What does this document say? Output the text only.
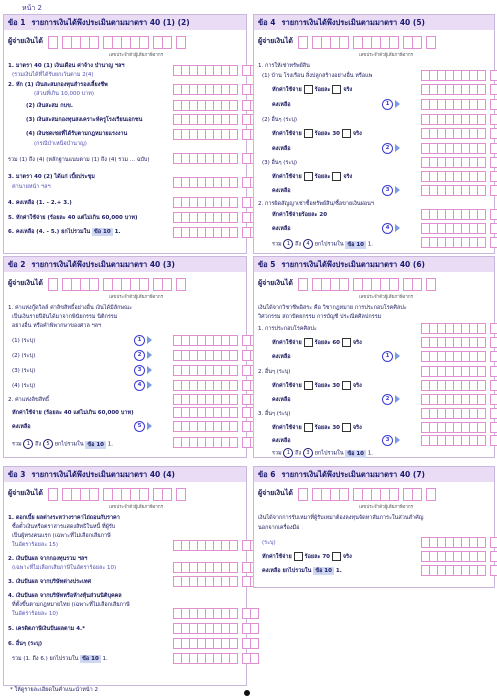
หน้า 2
ข้อ 1 รายการเงินได้พึงประเมินตามมาตรา 40 (1) (2)
ผู้จ่ายเงินได้
เลขประจำตัวผู้เสียภาษีอากร
1. มาตรา 40 (1) เงินเดือน ค่าจ้าง บำนาญ ฯลฯ
(รวมเงินได้ที่ได้รับยกเว้นตาม 2(4)
2. หัก (1) เงินสะสมกองทุนสำรองเลี้ยงชีพ
(ส่วนที่เกิน 10,000 บาท)
(2) เงินสะสม กบข.
(3) เงินสะสมกองทุนสงเคราะห์ครูโรงเรียนเอกชน
(4) เงินชดเชยที่ได้รับตามกฎหมายแรงงาน
(กรณีบำเหน็จบำนาญ)
รวม (1) ถึง (4) (หลักฐานแนบตาม (1) ถึง (4) รวม ... ฉบับ)
3. มาตรา 40 (2) ได้แก่ เบี้ยประชุม
ค่านายหน้า ฯลฯ
4. คงเหลือ (1. - 2.+ 3.)
5. หักค่าใช้จ่าย (ร้อยละ 40 แต่ไม่เกิน 60,000 บาท)
6. คงเหลือ (4. - 5.) ยกไปรวมใน ข้อ 10 1.
ข้อ 2 รายการเงินได้พึงประเมินตามมาตรา 40 (3)
ผู้จ่ายเงินได้
เลขประจำตัวผู้เสียภาษีอากร
1. ค่าแห่งกู๊ดวิลล์ ค่าลิขสิทธิ์อย่างอื่น เงินได้มีลักษณะ
เป็นเงินรายปีอันได้มาจากพินัยกรรม นิติกรรม
อย่างอื่น หรือคำพิพากษาของศาล ฯลฯ
(1) (ระบุ)	1
(2) (ระบุ)	2
(3) (ระบุ)	3
(4) (ระบุ)	4
2. ค่าแห่งลิขสิทธิ์
หักค่าใช้จ่าย (ร้อยละ 40 แต่ไม่เกิน 60,000 บาท)
คงเหลือ	5
รวม 1 ถึง 5 ยกไปรวมใน ข้อ 10 1.
ข้อ 3 รายการเงินได้พึงประเมินตามมาตรา 40 (4)
ผู้จ่ายเงินได้
เลขประจำตัวผู้เสียภาษีอากร
1. ดอกเบี้ย ผลต่างระหว่างราคาไถ่ถอนกับราคา
ซื้อตั๋วเงินหรือตราสารแสดงสิทธิในหนี้ ที่ผู้รับ
เป็นผู้ทรงคนแรก (เฉพาะที่ไม่เลือกเสียภาษี
ในอัตราร้อยละ 15)
2. เงินปันผล จากกองทุนรวม ฯลฯ
(เฉพาะที่ไม่เลือกเสียภาษีในอัตราร้อยละ 10)
3. เงินปันผล จากบริษัทต่างประเทศ
4. เงินปันผล จากบริษัทหรือห้างหุ้นส่วนนิติบุคคล
ที่ตั้งขึ้นตามกฎหมายไทย (เฉพาะที่ไม่เลือกเสียภาษี
ในอัตราร้อยละ 10)
5. เครดิตภาษีเงินปันผลตาม 4.*
6. อื่นๆ (ระบุ)
รวม (1. ถึง 6.) ยกไปรวมใน ข้อ 10 1.
ข้อ 4 รายการเงินได้พึงประเมินตามมาตรา 40 (5)
ผู้จ่ายเงินได้
เลขประจำตัวผู้เสียภาษีอากร
1. การให้เช่าทรัพย์สิน
(1) บ้าน โรงเรือน สิ่งปลูกสร้างอย่างอื่น หรือแพ
หักค่าใช้จ่าย ร้อยละ จริง
คงเหลือ	1
(2) อื่นๆ (ระบุ)
หักค่าใช้จ่าย ร้อยละ 30 จริง
คงเหลือ	2
(3) อื่นๆ (ระบุ)
หักค่าใช้จ่าย ร้อยละ จริง
คงเหลือ	3
2. การผิดสัญญาเช่าซื้อทรัพย์สิน/ซื้อขายเงินผ่อนฯ
หักค่าใช้จ่ายร้อยละ 20
คงเหลือ	4
รวม 1 ถึง 4 ยกไปรวมใน ข้อ 10 1.
ข้อ 5 รายการเงินได้พึงประเมินตามมาตรา 40 (6)
ผู้จ่ายเงินได้
เลขประจำตัวผู้เสียภาษีอากร
เงินได้จากวิชาชีพอิสระ คือ วิชากฎหมาย การประกอบโรคศิลปะ
วิศวกรรม สถาปัตยกรรม การบัญชี ประณีตศิลปกรรม
1. การประกอบโรคศิลปะ
หักค่าใช้จ่าย ร้อยละ 60 จริง
คงเหลือ	1
2. อื่นๆ (ระบุ)
หักค่าใช้จ่าย ร้อยละ 30 จริง
คงเหลือ	2
3. อื่นๆ (ระบุ)
หักค่าใช้จ่าย ร้อยละ 30 จริง
คงเหลือ	3
รวม 1 ถึง 3 ยกไปรวมใน ข้อ 10 1.
ข้อ 6 รายการเงินได้พึงประเมินตามมาตรา 40 (7)
ผู้จ่ายเงินได้
เลขประจำตัวผู้เสียภาษีอากร
เงินได้จากการรับเหมาที่ผู้รับเหมาต้องลงทุนจัดหาสัมภาระในส่วนสำคัญ
นอกจากเครื่องมือ
(ระบุ)
หักค่าใช้จ่าย ร้อยละ 70 จริง
คงเหลือ ยกไปรวมใน ข้อ 10 1.
* ให้ดูรายละเอียดในคำแนะนำหน้า 2
